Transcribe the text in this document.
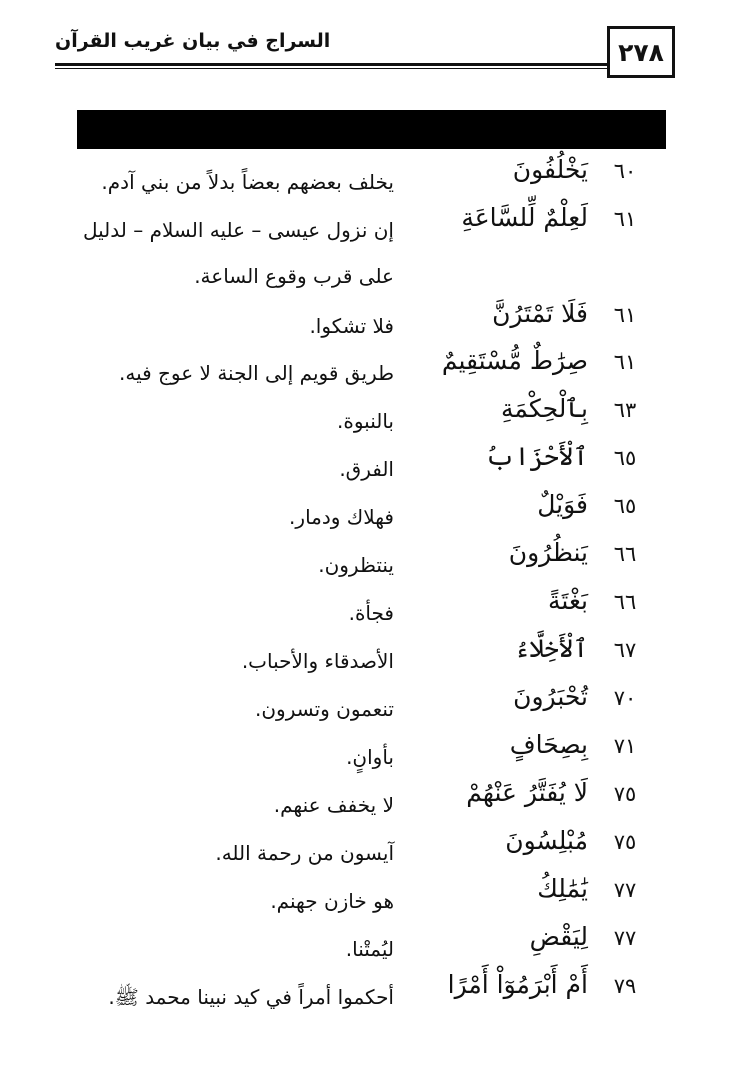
٢٧٨
السراج في بيان غريب القرآن
٦٠
يَخْلُفُونَ
يخلف بعضهم بعضاً بدلاً من بني آدم.
٦١
لَعِلْمٌ لِّلسَّاعَةِ
إن نزول عيسى – عليه السلام – لدليل على قرب وقوع الساعة.
٦١
فَلَا تَمْتَرُنَّ
فلا تشكوا.
٦١
صِرَٰطٌ مُّسْتَقِيمٌ
طريق قويم إلى الجنة لا عوج فيه.
٦٣
بِٱلْحِكْمَةِ
بالنبوة.
٦٥
ٱلْأَحْزَابُ
الفرق.
٦٥
فَوَيْلٌ
فهلاك ودمار.
٦٦
يَنظُرُونَ
ينتظرون.
٦٦
بَغْتَةً
فجأة.
٦٧
ٱلْأَخِلَّاءُ
الأصدقاء والأحباب.
٧٠
تُحْبَرُونَ
تنعمون وتسرون.
٧١
بِصِحَافٍ
بأوانٍ.
٧٥
لَا يُفَتَّرُ عَنْهُمْ
لا يخفف عنهم.
٧٥
مُبْلِسُونَ
آيسون من رحمة الله.
٧٧
يَٰمَٰلِكُ
هو خازن جهنم.
٧٧
لِيَقْضِ
ليُمتْنا.
٧٩
أَمْ أَبْرَمُوٓاْ أَمْرًا
أحكموا أمراً في كيد نبينا محمد ﷺ.
